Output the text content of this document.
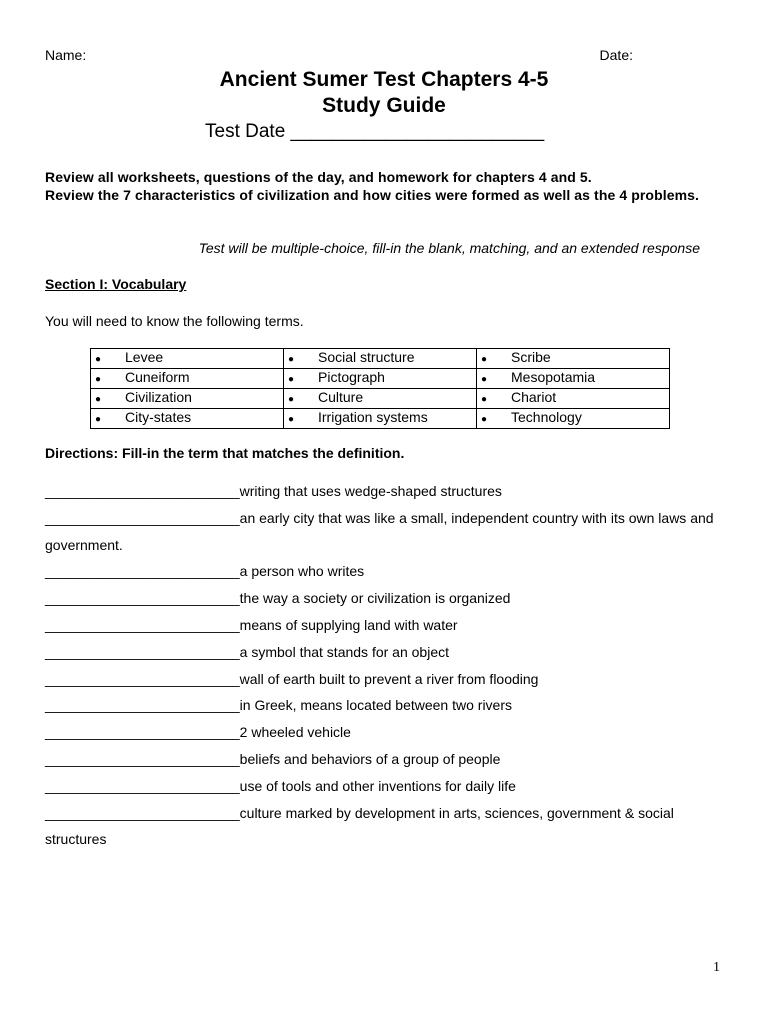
Name:	Date:
Ancient Sumer Test Chapters 4-5
Study Guide
Test Date ________________________
Review all worksheets, questions of the day, and homework for chapters 4 and 5.
Review the 7 characteristics of civilization and how cities were formed as well as the 4 problems.
Test will be multiple-choice, fill-in the blank, matching, and an extended response
Section I: Vocabulary
You will need to know the following terms.
● Levee	● Social structure	● Scribe
● Cuneiform	● Pictograph	● Mesopotamia
● Civilization	● Culture	● Chariot
● City-states	● Irrigation systems	● Technology
Directions: Fill-in the term that matches the definition.
_________________________writing that uses wedge-shaped structures
_________________________an early city that was like a small, independent country with its own laws and government.
_________________________a person who writes
_________________________the way a society or civilization is organized
_________________________means of supplying land with water
_________________________a symbol that stands for an object
_________________________wall of earth built to prevent a river from flooding
_________________________in Greek, means located between two rivers
_________________________2 wheeled vehicle
_________________________beliefs and behaviors of a group of people
_________________________use of tools and other inventions for daily life
_________________________culture marked by development in arts, sciences, government & social structures
1
